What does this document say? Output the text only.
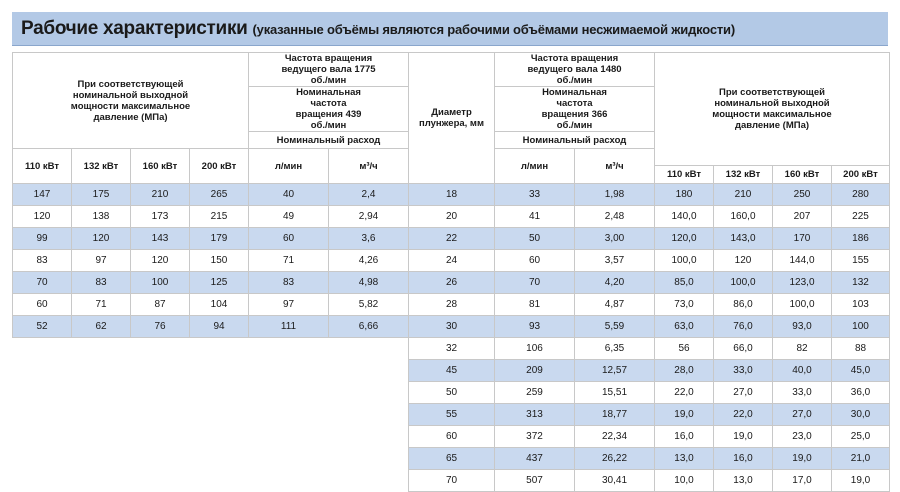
Рабочие характеристики (указанные объёмы являются рабочими объёмами несжимаемой жидкости)
При соответствующей номинальной выходной мощности максимальное давление (МПа)				Частота вращения ведущего вала 1775 об./мин		Диаметр плунжера, мм	Частота вращения ведущего вала 1480 об./мин		При соответствующей номинальной выходной мощности максимальное давление (МПа)			
				Номинальная частота вращения 439 об./мин			Номинальная частота вращения 366 об./мин					
				Номинальный расход			Номинальный расход					
110 кВт	132 кВт	160 кВт	200 кВт	л/мин	м³/ч		л/мин	м³/ч				
									110 кВт	132 кВт	160 кВт	200 кВт
147	175	210	265	40	2,4	18	33	1,98	180	210	250	280
120	138	173	215	49	2,94	20	41	2,48	140,0	160,0	207	225
99	120	143	179	60	3,6	22	50	3,00	120,0	143,0	170	186
83	97	120	150	71	4,26	24	60	3,57	100,0	120	144,0	155
70	83	100	125	83	4,98	26	70	4,20	85,0	100,0	123,0	132
60	71	87	104	97	5,82	28	81	4,87	73,0	86,0	100,0	103
52	62	76	94	111	6,66	30	93	5,59	63,0	76,0	93,0	100
						32	106	6,35	56	66,0	82	88
						45	209	12,57	28,0	33,0	40,0	45,0
						50	259	15,51	22,0	27,0	33,0	36,0
						55	313	18,77	19,0	22,0	27,0	30,0
						60	372	22,34	16,0	19,0	23,0	25,0
						65	437	26,22	13,0	16,0	19,0	21,0
						70	507	30,41	10,0	13,0	17,0	19,0
